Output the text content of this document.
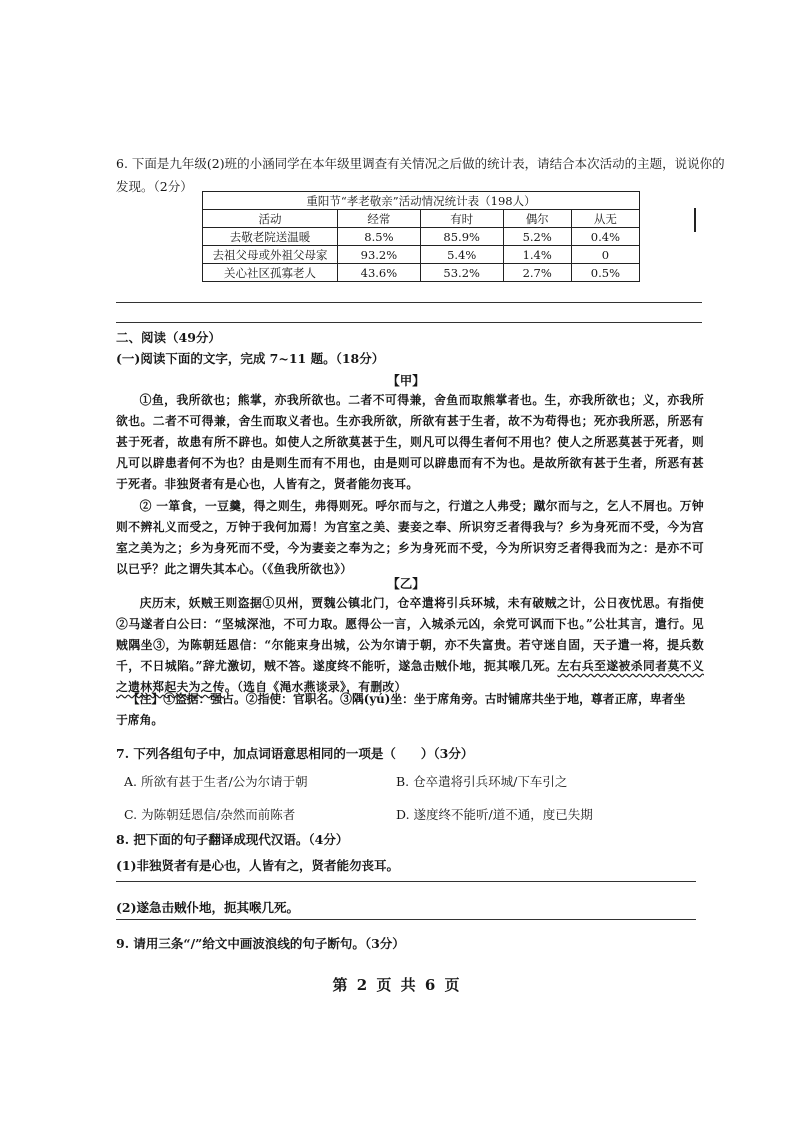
6. 下面是九年级(2)班的小涵同学在本年级里调查有关情况之后做的统计表，请结合本次活动的主题，说说你的发现。（2分）
重阳节“孝老敬亲”活动情况统计表（198人）				
活动	经常	有时	偶尔	从无
去敬老院送温暖	8.5%	85.9%	5.2%	0.4%
去祖父母或外祖父母家	93.2%	5.4%	1.4%	0
关心社区孤寡老人	43.6%	53.2%	2.7%	0.5%
二、阅读（49分）
(一)阅读下面的文字，完成 7~11 题。（18分）
【甲】
①鱼，我所欲也；熊掌，亦我所欲也。二者不可得兼，舍鱼而取熊掌者也。生，亦我所欲也；义，亦我所欲也。二者不可得兼，舍生而取义者也。生亦我所欲，所欲有甚于生者，故不为苟得也；死亦我所恶，所恶有甚于死者，故患有所不辟也。如使人之所欲莫甚于生，则凡可以得生者何不用也？使人之所恶莫甚于死者，则凡可以辟患者何不为也？由是则生而有不用也，由是则可以辟患而有不为也。是故所欲有甚于生者，所恶有甚于死者。非独贤者有是心也，人皆有之，贤者能勿丧耳。
② 一箪食，一豆羹，得之则生，弗得则死。呼尔而与之，行道之人弗受；蹴尔而与之，乞人不屑也。万钟则不辨礼义而受之，万钟于我何加焉！为宫室之美、妻妾之奉、所识穷乏者得我与？乡为身死而不受，今为宫室之美为之；乡为身死而不受，今为妻妾之奉为之；乡为身死而不受，今为所识穷乏者得我而为之：是亦不可以已乎？此之谓失其本心。（《鱼我所欲也》）
【乙】
庆历末，妖贼王则盗据①贝州，贾魏公镇北门，仓卒遣将引兵环城，未有破贼之计，公日夜忧思。有指使②马遂者白公曰：“坚城深池，不可力取。愿得公一言，入城杀元凶，余党可讽而下也。”公壮其言，遣行。见贼隅坐③，为陈朝廷恩信：“尔能束身出城，公为尔请于朝，亦不失富贵。若守迷自固，天子遣一将，提兵数千，不日城陷。”辞尤激切，贼不答。遂度终不能听，遂急击贼仆地，扼其喉几死。左右兵至遂被杀同者莫不义之遗林郑起夫为之传。（选自《渑水燕谈录》，有删改）
【注】①盗据：强占。②指使：官职名。③隅(yú)坐：坐于席角旁。古时铺席共坐于地，尊者正席，卑者坐于席角。
7. 下列各组句子中，加点词语意思相同的一项是（　　）（3分）
A. 所欲有甚于生者/公为尔请于朝	B. 仓卒遣将引兵环城/下车引之
C. 为陈朝廷恩信/杂然而前陈者	D. 遂度终不能听/道不通，度已失期
8. 把下面的句子翻译成现代汉语。（4分）
(1)非独贤者有是心也，人皆有之，贤者能勿丧耳。
(2)遂急击贼仆地，扼其喉几死。
9. 请用三条“/”给文中画波浪线的句子断句。（3分）
第 2 页 共 6 页
